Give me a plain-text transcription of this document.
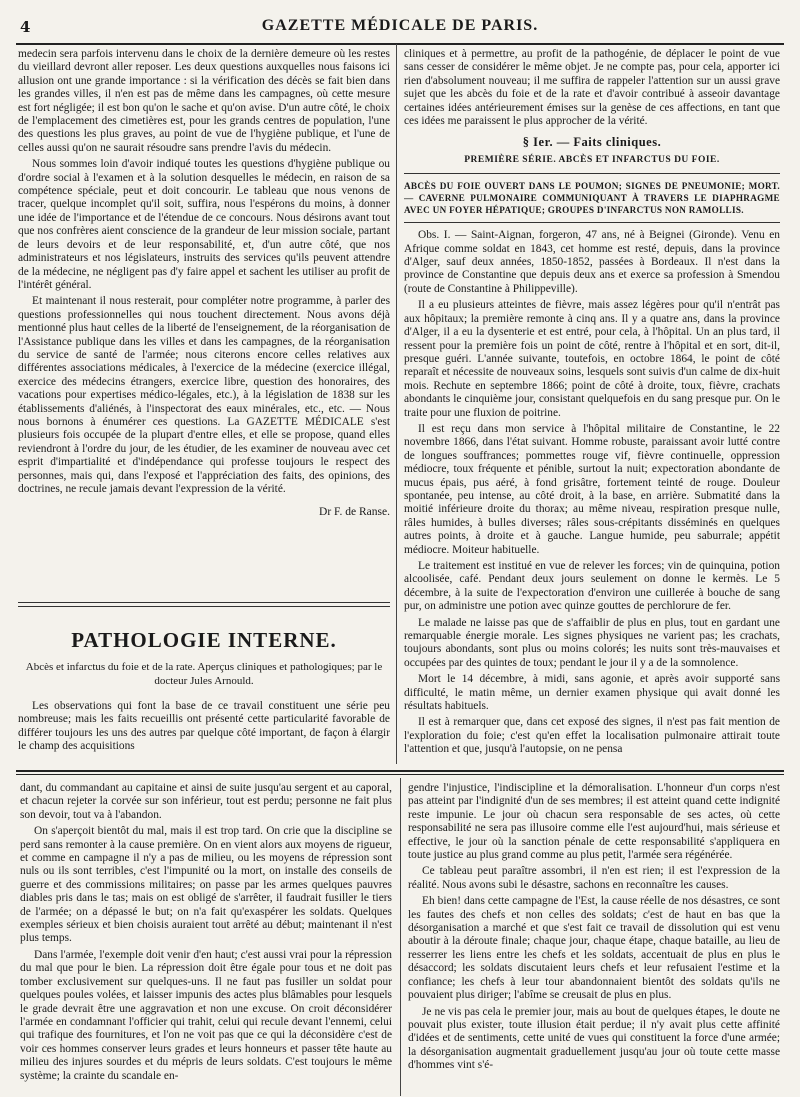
4	GAZETTE MÉDICALE DE PARIS.

medecin sera parfois intervenu dans le choix de la dernière demeure où les restes du vieillard devront aller reposer. Les deux questions auxquelles nous faisons ici allusion ont une grande importance : si la vérification des décès se fait bien dans les grandes villes, il n'en est pas de même dans les campagnes, où cette mesure est fort négligée; il est bon qu'on le sache et qu'on avise. D'un autre côté, le choix de l'emplacement des cimetières est, pour les grands centres de population, l'une des questions les plus graves, au point de vue de l'hygiène publique, et l'une de celles aussi qu'on ne saurait résoudre sans prendre l'avis du médecin.

Nous sommes loin d'avoir indiqué toutes les questions d'hygiène publique ou d'ordre social à l'examen et à la solution desquelles le médecin, en raison de sa compétence spéciale, peut et doit concourir. Le tableau que nous venons de tracer, quelque incomplet qu'il soit, suffira, nous l'espérons du moins, à donner une idée de l'importance et de l'étendue de ce concours. Nous désirons avant tout que nos confrères aient conscience de la grandeur de leur mission sociale, partant de leurs devoirs et de leur responsabilité, et, d'un autre côté, que nos administrateurs et nos législateurs, instruits des services qu'ils peuvent attendre de la médecine, ne négligent pas d'y faire appel et sachent les utiliser au profit de l'intérêt général.

Et maintenant il nous resterait, pour compléter notre programme, à parler des questions professionnelles qui nous touchent directement. Nous avons déjà mentionné plus haut celles de la liberté de l'enseignement, de la réorganisation de l'Assistance publique dans les villes et dans les campagnes, de la réorganisation du service de santé de l'armée; nous citerons encore celles relatives aux différentes associations médicales, à l'exercice de la médecine (exercice illégal, exercice des médecins étrangers, exercice libre, question des honoraires, des vacations pour expertises médico-légales, etc.), à la législation de 1838 sur les établissements d'aliénés, à l'inspectorat des eaux minérales, etc., etc. — Nous nous bornons à énumérer ces questions. La GAZETTE MÉDICALE s'est plusieurs fois occupée de la plupart d'entre elles, et elle se propose, quand elles reviendront à l'ordre du jour, de les étudier, de les examiner de nouveau avec cet esprit d'impartialité et d'indépendance qui professe toujours le respect des personnes, mais qui, dans l'exposé et l'appréciation des faits, des opinions, des doctrines, ne recule jamais devant l'expression de la vérité.

Dr F. de Ranse.

PATHOLOGIE INTERNE.
Abcès et infarctus du foie et de la rate. Aperçus cliniques et pathologiques; par le docteur Jules Arnould.

Les observations qui font la base de ce travail constituent une série peu nombreuse; mais les faits recueillis ont présenté cette particularité favorable de différer toujours les uns des autres par quelque côté important, de façon à élargir le champ des acquisitions

cliniques et à permettre, au profit de la pathogénie, de déplacer le point de vue sans cesser de considérer le même objet. Je ne compte pas, pour cela, apporter ici rien d'absolument nouveau; il me suffira de rappeler l'attention sur un aussi grave sujet que les abcès du foie et de la rate et d'avoir contribué à asseoir davantage certaines idées antérieurement émises sur la genèse de ces affections, en tant que ces idées me paraissent le plus approcher de la vérité.

§ Ier. — Faits cliniques.
PREMIÈRE SÉRIE. ABCÈS ET INFARCTUS DU FOIE.
ABCÈS DU FOIE OUVERT DANS LE POUMON; SIGNES DE PNEUMONIE; MORT. — CAVERNE PULMONAIRE COMMUNIQUANT À TRAVERS LE DIAPHRAGME AVEC UN FOYER HÉPATIQUE; GROUPES D'INFARCTUS NON RAMOLLIS.

Obs. I. — Saint-Aignan, forgeron, 47 ans, né à Beignei (Gironde). Venu en Afrique comme soldat en 1843, cet homme est resté, depuis, dans la province d'Alger, sauf deux années, 1850-1852, passées à Bordeaux. Il n'est dans la province de Constantine que depuis deux ans et exerce sa profession à Smendou (route de Constantine à Philippeville).

Il a eu plusieurs atteintes de fièvre, mais assez légères pour qu'il n'entrât pas aux hôpitaux; la première remonte à cinq ans. Il y a quatre ans, dans la province d'Alger, il a eu la dysenterie et est entré, pour cela, à l'hôpital. Un an plus tard, il ressent pour la première fois un point de côté, rentre à l'hôpital et en sort, dit-il, presque guéri. L'année suivante, toutefois, en octobre 1864, le point de côté reparaît et nécessite de nouveaux soins, lesquels sont suivis d'un calme de dix-huit mois. Rechute en septembre 1866; point de côté à droite, toux, fièvre, crachats abondants le cinquième jour, consistant quelquefois en du sang presque pur. On le traite pour une fluxion de poitrine.

Il est reçu dans mon service à l'hôpital militaire de Constantine, le 22 novembre 1866, dans l'état suivant. Homme robuste, paraissant avoir lutté contre de longues souffrances; pommettes rouge vif, fièvre continuelle, oppression médiocre, toux fréquente et pénible, surtout la nuit; expectoration abondante de mucus épais, pus aéré, à fond grisâtre, fortement teinté de rouge. Douleur spontanée, peu intense, au côté droit, à la base, en arrière. Submatité dans la moitié inférieure droite du thorax; au même niveau, respiration presque nulle, râles humides, à bulles diverses; râles sous-crépitants disséminés en quelques autres points, à droite et à gauche. Langue humide, peu saburrale; appétit médiocre. Moiteur habituelle.

Le traitement est institué en vue de relever les forces; vin de quinquina, potion alcoolisée, café. Pendant deux jours seulement on donne le kermès. Le 5 décembre, à la suite de l'expectoration d'environ une cuillerée à bouche de sang pur, on administre une potion avec quinze gouttes de perchlorure de fer.

Le malade ne laisse pas que de s'affaiblir de plus en plus, tout en gardant une remarquable énergie morale. Les signes physiques ne varient pas; les crachats, toujours abondants, sont plus ou moins colorés; les nuits sont très-mauvaises et occupées par des quintes de toux; pendant le jour il y a de la somnolence.

Mort le 14 décembre, à midi, sans agonie, et après avoir supporté sans difficulté, le matin même, un dernier examen physique qui avait donné les résultats habituels.

Il est à remarquer que, dans cet exposé des signes, il n'est pas fait mention de l'exploration du foie; c'est qu'en effet la localisation pulmonaire attirait toute l'attention et que, jusqu'à l'autopsie, on ne pensa

dant, du commandant au capitaine et ainsi de suite jusqu'au sergent et au caporal, et chacun rejeter la corvée sur son inférieur, tout est perdu; personne ne fait plus son devoir, tout va à l'abandon.

On s'aperçoit bientôt du mal, mais il est trop tard. On crie que la discipline se perd sans remonter à la cause première. On en vient alors aux moyens de rigueur, et comme en campagne il n'y a pas de milieu, ou les moyens de répression sont nuls ou ils sont terribles, c'est l'impunité ou la mort, on installe des conseils de guerre et des commissions militaires; on passe par les armes quelques pauvres diables pris dans le tas; mais on est obligé de s'arrêter, il faudrait fusiller le tiers de l'armée; on a dépassé le but; on n'a fait qu'exaspérer les soldats. Quelques exemples sérieux et bien choisis auraient tout arrêté au début; maintenant il n'est plus temps.

Dans l'armée, l'exemple doit venir d'en haut; c'est aussi vrai pour la répression du mal que pour le bien. La répression doit être égale pour tous et ne doit pas tomber exclusivement sur quelques-uns. Il ne faut pas fusiller un soldat pour quelques poules volées, et laisser impunis des actes plus blâmables pour lesquels le grade devrait être une aggravation et non une excuse. On croit déconsidérer l'armée en condamnant l'officier qui trahit, celui qui recule devant l'ennemi, celui qui trafique des fournitures, et l'on ne voit pas que ce qui la déconsidère c'est de voir ces hommes conserver leurs grades et leurs honneurs et passer tête haute au milieu des injures sourdes et du mépris de leurs soldats. C'est toujours le même système; la crainte du scandale en-

gendre l'injustice, l'indiscipline et la démoralisation. L'honneur d'un corps n'est pas atteint par l'indignité d'un de ses membres; il est atteint quand cette indignité reste impunie. Le jour où chacun sera responsable de ses actes, où cette responsabilité ne sera pas illusoire comme elle l'est aujourd'hui, mais sérieuse et effective, le jour où la sanction pénale de cette responsabilité s'appliquera en toute justice au plus grand comme au plus petit, l'armée sera régénérée.

Ce tableau peut paraître assombri, il n'en est rien; il est l'expression de la réalité. Nous avons subi le désastre, sachons en reconnaître les causes.

Eh bien! dans cette campagne de l'Est, la cause réelle de nos désastres, ce sont les fautes des chefs et non celles des soldats; c'est de haut en bas que la désorganisation a marché et que s'est fait ce travail de dissolution qui est venu aboutir à la déroute finale; chaque jour, chaque étape, chaque bataille, au lieu de resserrer les liens entre les chefs et les soldats, accentuait de plus en plus le désaccord; les soldats discutaient leurs chefs et leur refusaient l'estime et la confiance; les chefs à leur tour abandonnaient bientôt des soldats qu'ils ne pouvaient plus diriger; l'abîme se creusait de plus en plus.

Je ne vis pas cela le premier jour, mais au bout de quelques étapes, le doute ne pouvait plus exister, toute illusion était perdue; il n'y avait plus cette affinité d'idées et de sentiments, cette unité de vues qui constituent la force d'une armée; la désorganisation augmentait graduellement jusqu'au jour où toute cette masse d'hommes vint s'é-
